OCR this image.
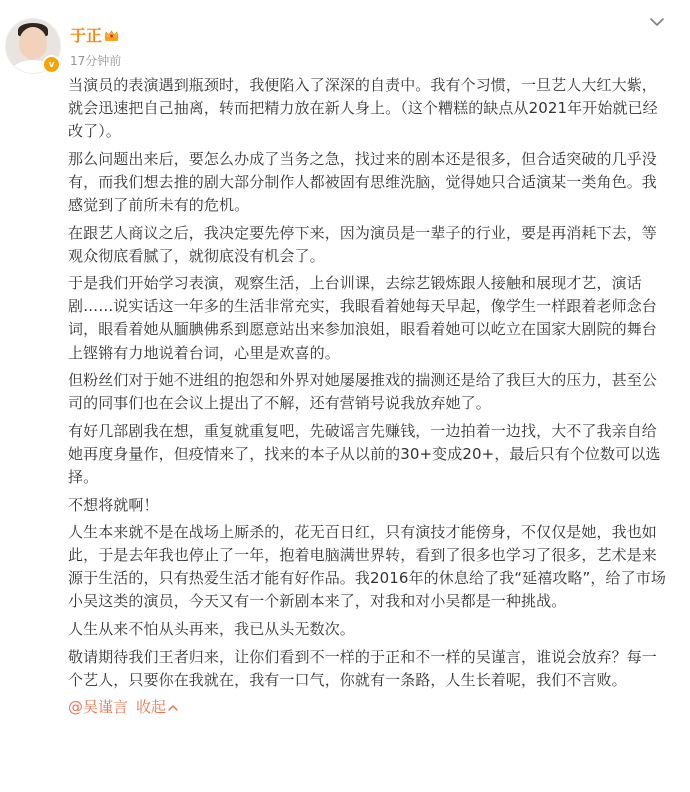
v
于正
17分钟前

当演员的表演遇到瓶颈时，我便陷入了深深的自责中。我有个习惯，一旦艺人大红大紫，就会迅速把自己抽离，转而把精力放在新人身上。（这个糟糕的缺点从2021年开始就已经改了）。

那么问题出来后，要怎么办成了当务之急，找过来的剧本还是很多，但合适突破的几乎没有，而我们想去推的剧大部分制作人都被固有思维洗脑，觉得她只合适演某一类角色。我感觉到了前所未有的危机。

在跟艺人商议之后，我决定要先停下来，因为演员是一辈子的行业，要是再消耗下去，等观众彻底看腻了，就彻底没有机会了。

于是我们开始学习表演，观察生活，上台训课，去综艺锻炼跟人接触和展现才艺，演话剧……说实话这一年多的生活非常充实，我眼看着她每天早起，像学生一样跟着老师念台词，眼看着她从腼腆佛系到愿意站出来参加浪姐，眼看着她可以屹立在国家大剧院的舞台上铿锵有力地说着台词，心里是欢喜的。

但粉丝们对于她不进组的抱怨和外界对她屡屡推戏的揣测还是给了我巨大的压力，甚至公司的同事们也在会议上提出了不解，还有营销号说我放弃她了。

有好几部剧我在想，重复就重复吧，先破谣言先赚钱，一边拍着一边找，大不了我亲自给她再度身量作，但疫情来了，找来的本子从以前的30+变成20+，最后只有个位数可以选择。

不想将就啊！

人生本来就不是在战场上厮杀的，花无百日红，只有演技才能傍身，不仅仅是她，我也如此，于是去年我也停止了一年，抱着电脑满世界转，看到了很多也学习了很多，艺术是来源于生活的，只有热爱生活才能有好作品。我2016年的休息给了我“延禧攻略”，给了市场小吴这类的演员，今天又有一个新剧本来了，对我和对小吴都是一种挑战。

人生从来不怕从头再来，我已从头无数次。

敬请期待我们王者归来，让你们看到不一样的于正和不一样的吴谨言，谁说会放弃？每一个艺人，只要你在我就在，我有一口气，你就有一条路，人生长着呢，我们不言败。

@吴谨言 收起
